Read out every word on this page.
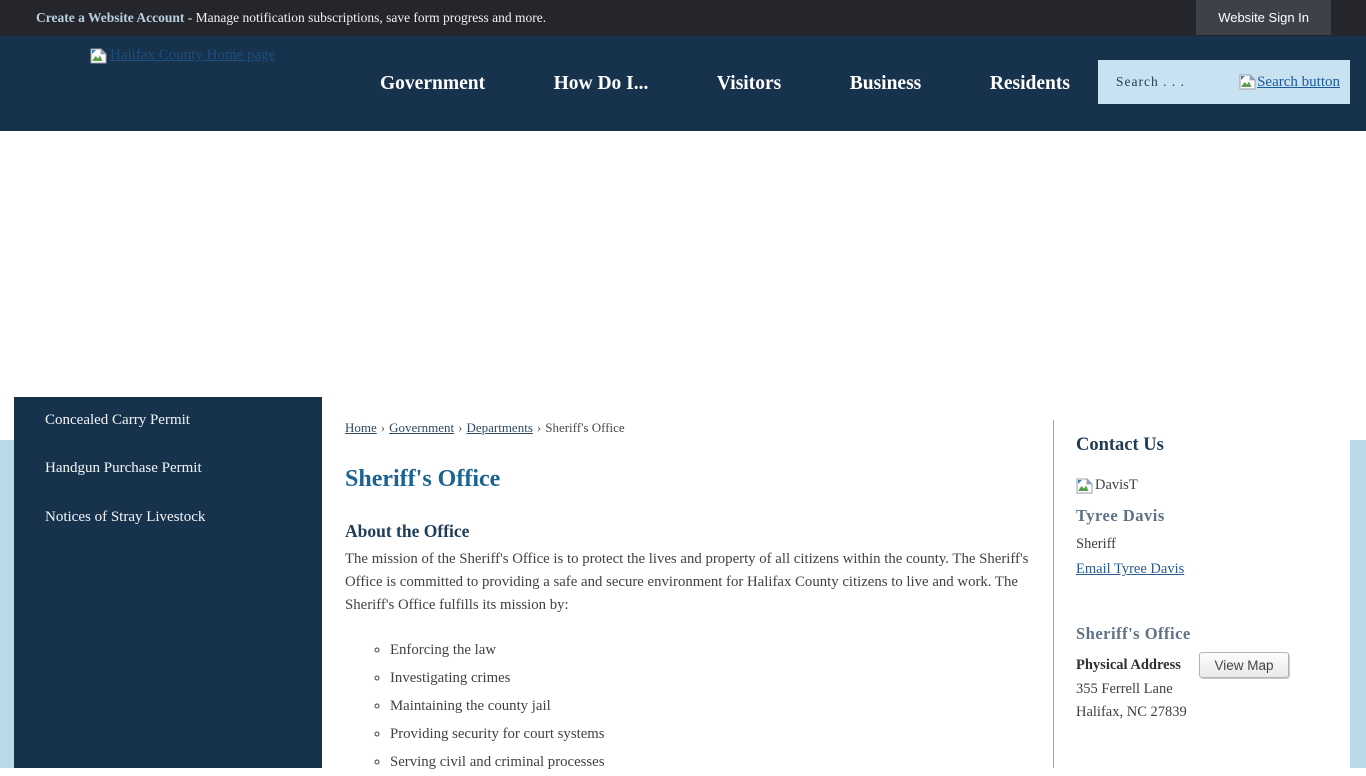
Create a Website Account - Manage notification subscriptions, save form progress and more.	Website Sign In
Halifax County Home page
Government	How Do I...	Visitors	Business	Residents	Search . . .	Search button
Concealed Carry Permit
Handgun Purchase Permit
Notices of Stray Livestock
Home › Government › Departments › Sheriff's Office
Sheriff's Office
About the Office

The mission of the Sheriff's Office is to protect the lives and property of all citizens within the county. The Sheriff's Office is committed to providing a safe and secure environment for Halifax County citizens to live and work. The Sheriff's Office fulfills its mission by:

◦ Enforcing the law
◦ Investigating crimes
◦ Maintaining the county jail
◦ Providing security for court systems
◦ Serving civil and criminal processes
Contact Us
DavisT
Tyree Davis
Sheriff
Email Tyree Davis
Sheriff's Office
Physical Address	View Map
355 Ferrell Lane
Halifax, NC 27839
